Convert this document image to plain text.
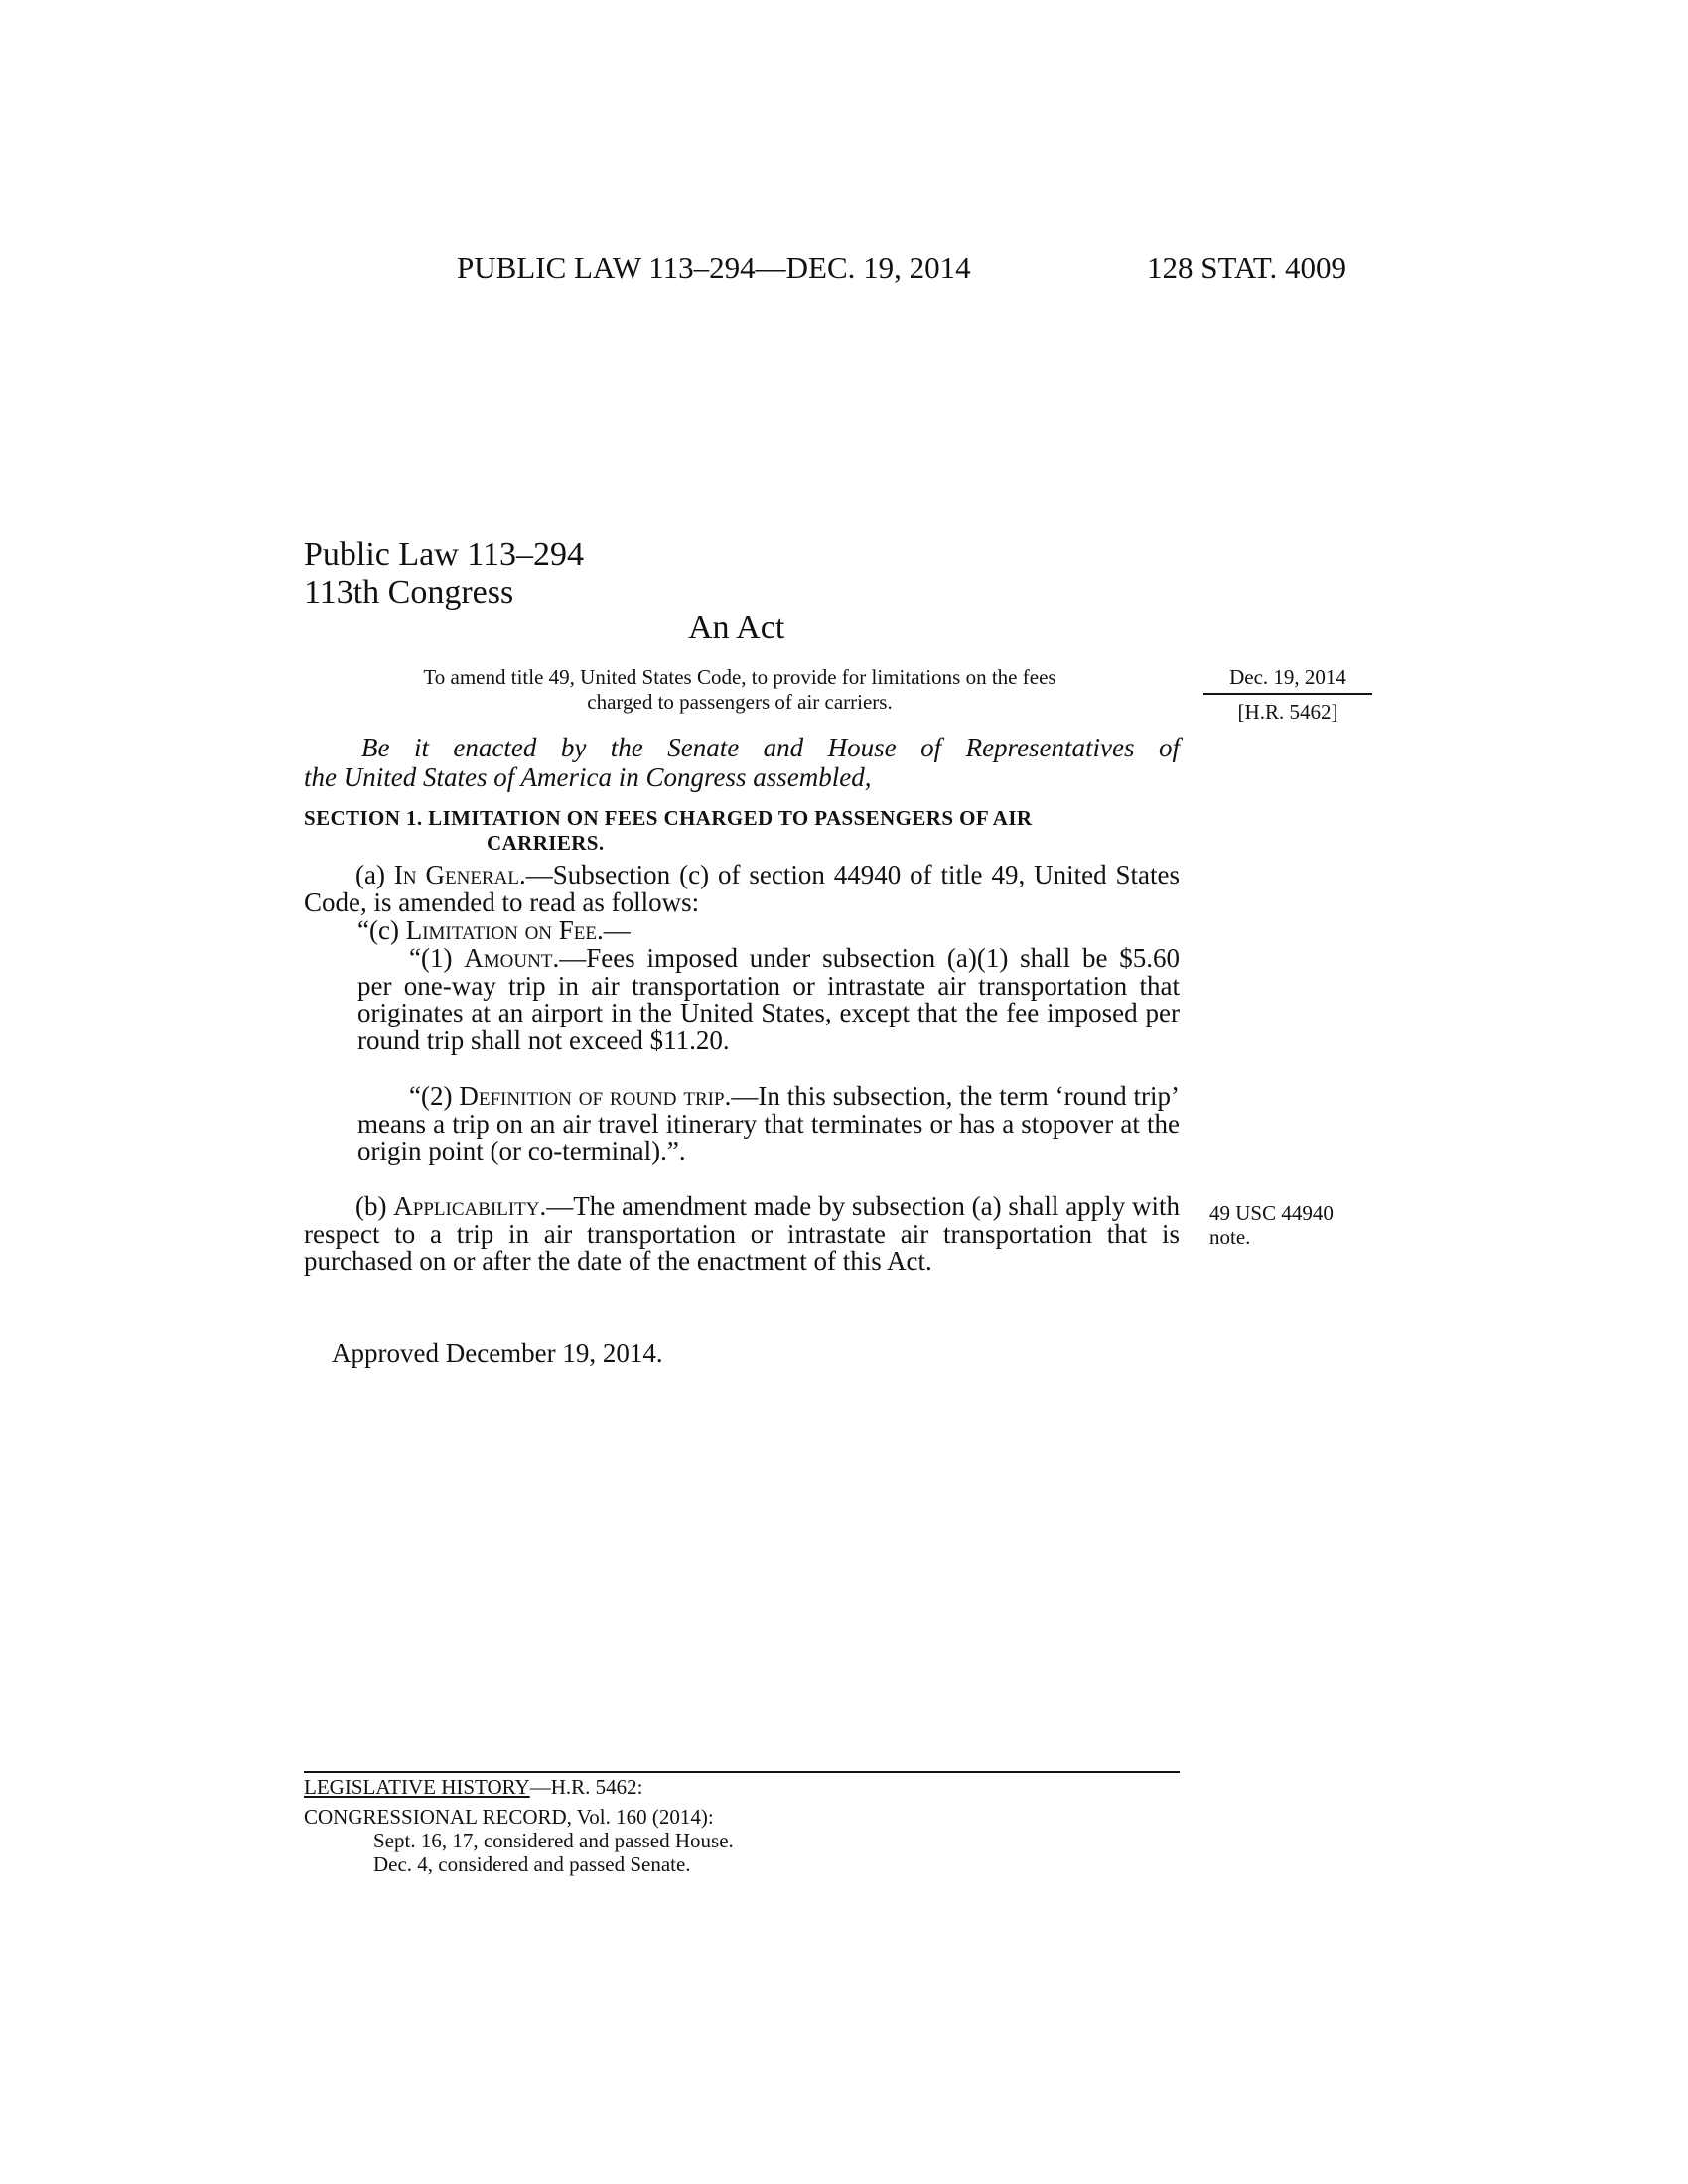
PUBLIC LAW 113–294—DEC. 19, 2014	128 STAT. 4009
Public Law 113–294
113th Congress
An Act
To amend title 49, United States Code, to provide for limitations on the fees
charged to passengers of air carriers.
Dec. 19, 2014
[H.R. 5462]
Be it enacted by the Senate and House of Representatives of
the United States of America in Congress assembled,
SECTION 1. LIMITATION ON FEES CHARGED TO PASSENGERS OF AIR
CARRIERS.

(a) In General.—Subsection (c) of section 44940 of title 49, United States Code, is amended to read as follows:

“(c) Limitation on Fee.—

“(1) Amount.—Fees imposed under subsection (a)(1) shall be $5.60 per one-way trip in air transportation or intrastate air transportation that originates at an airport in the United States, except that the fee imposed per round trip shall not exceed $11.20.

“(2) Definition of round trip.—In this subsection, the term ‘round trip’ means a trip on an air travel itinerary that terminates or has a stopover at the origin point (or co-terminal).”.

(b) Applicability.—The amendment made by subsection (a) shall apply with respect to a trip in air transportation or intrastate air transportation that is purchased on or after the date of the enactment of this Act.

49 USC 44940
note.
Approved December 19, 2014.
LEGISLATIVE HISTORY—H.R. 5462:
CONGRESSIONAL RECORD, Vol. 160 (2014):
Sept. 16, 17, considered and passed House.
Dec. 4, considered and passed Senate.
